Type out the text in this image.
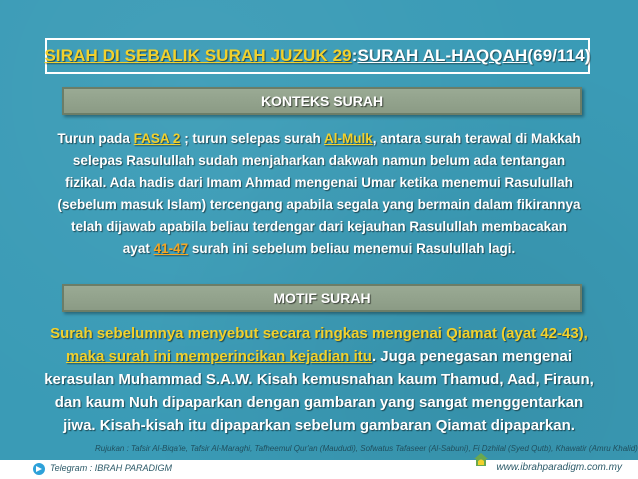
SIRAH DI SEBALIK SURAH JUZUK 29 : SURAH AL-HAQQAH (69/114)
KONTEKS SURAH
Turun pada FASA 2 ; turun selepas surah Al-Mulk, antara surah terawal di Makkah
selepas Rasulullah sudah menjaharkan dakwah namun belum ada tentangan
fizikal. Ada hadis dari Imam Ahmad mengenai Umar ketika menemui Rasulullah
(sebelum masuk Islam) tercengang apabila segala yang bermain dalam fikirannya
telah dijawab apabila beliau terdengar dari kejauhan Rasulullah membacakan
ayat 41-47 surah ini sebelum beliau menemui Rasulullah lagi.
MOTIF SURAH
Surah sebelumnya menyebut secara ringkas mengenai Qiamat (ayat 42-43),
maka surah ini memperincikan kejadian itu. Juga penegasan mengenai
kerasulan Muhammad S.A.W. Kisah kemusnahan kaum Thamud, Aad, Firaun,
dan kaum Nuh dipaparkan dengan gambaran yang sangat menggentarkan
jiwa. Kisah-kisah itu dipaparkan sebelum gambaran Qiamat dipaparkan.
Rujukan : Tafsir Al-Biqa'ie, Tafsir Al-Maraghi, Tafheemul Qur'an (Maududi), Sofwatus Tafaseer (Al-Sabuni), Fi Dzhilal (Syed Qutb), Khawatir (Amru Khalid)
Telegram : IBRAH PARADIGM	www.ibrahparadigm.com.my
